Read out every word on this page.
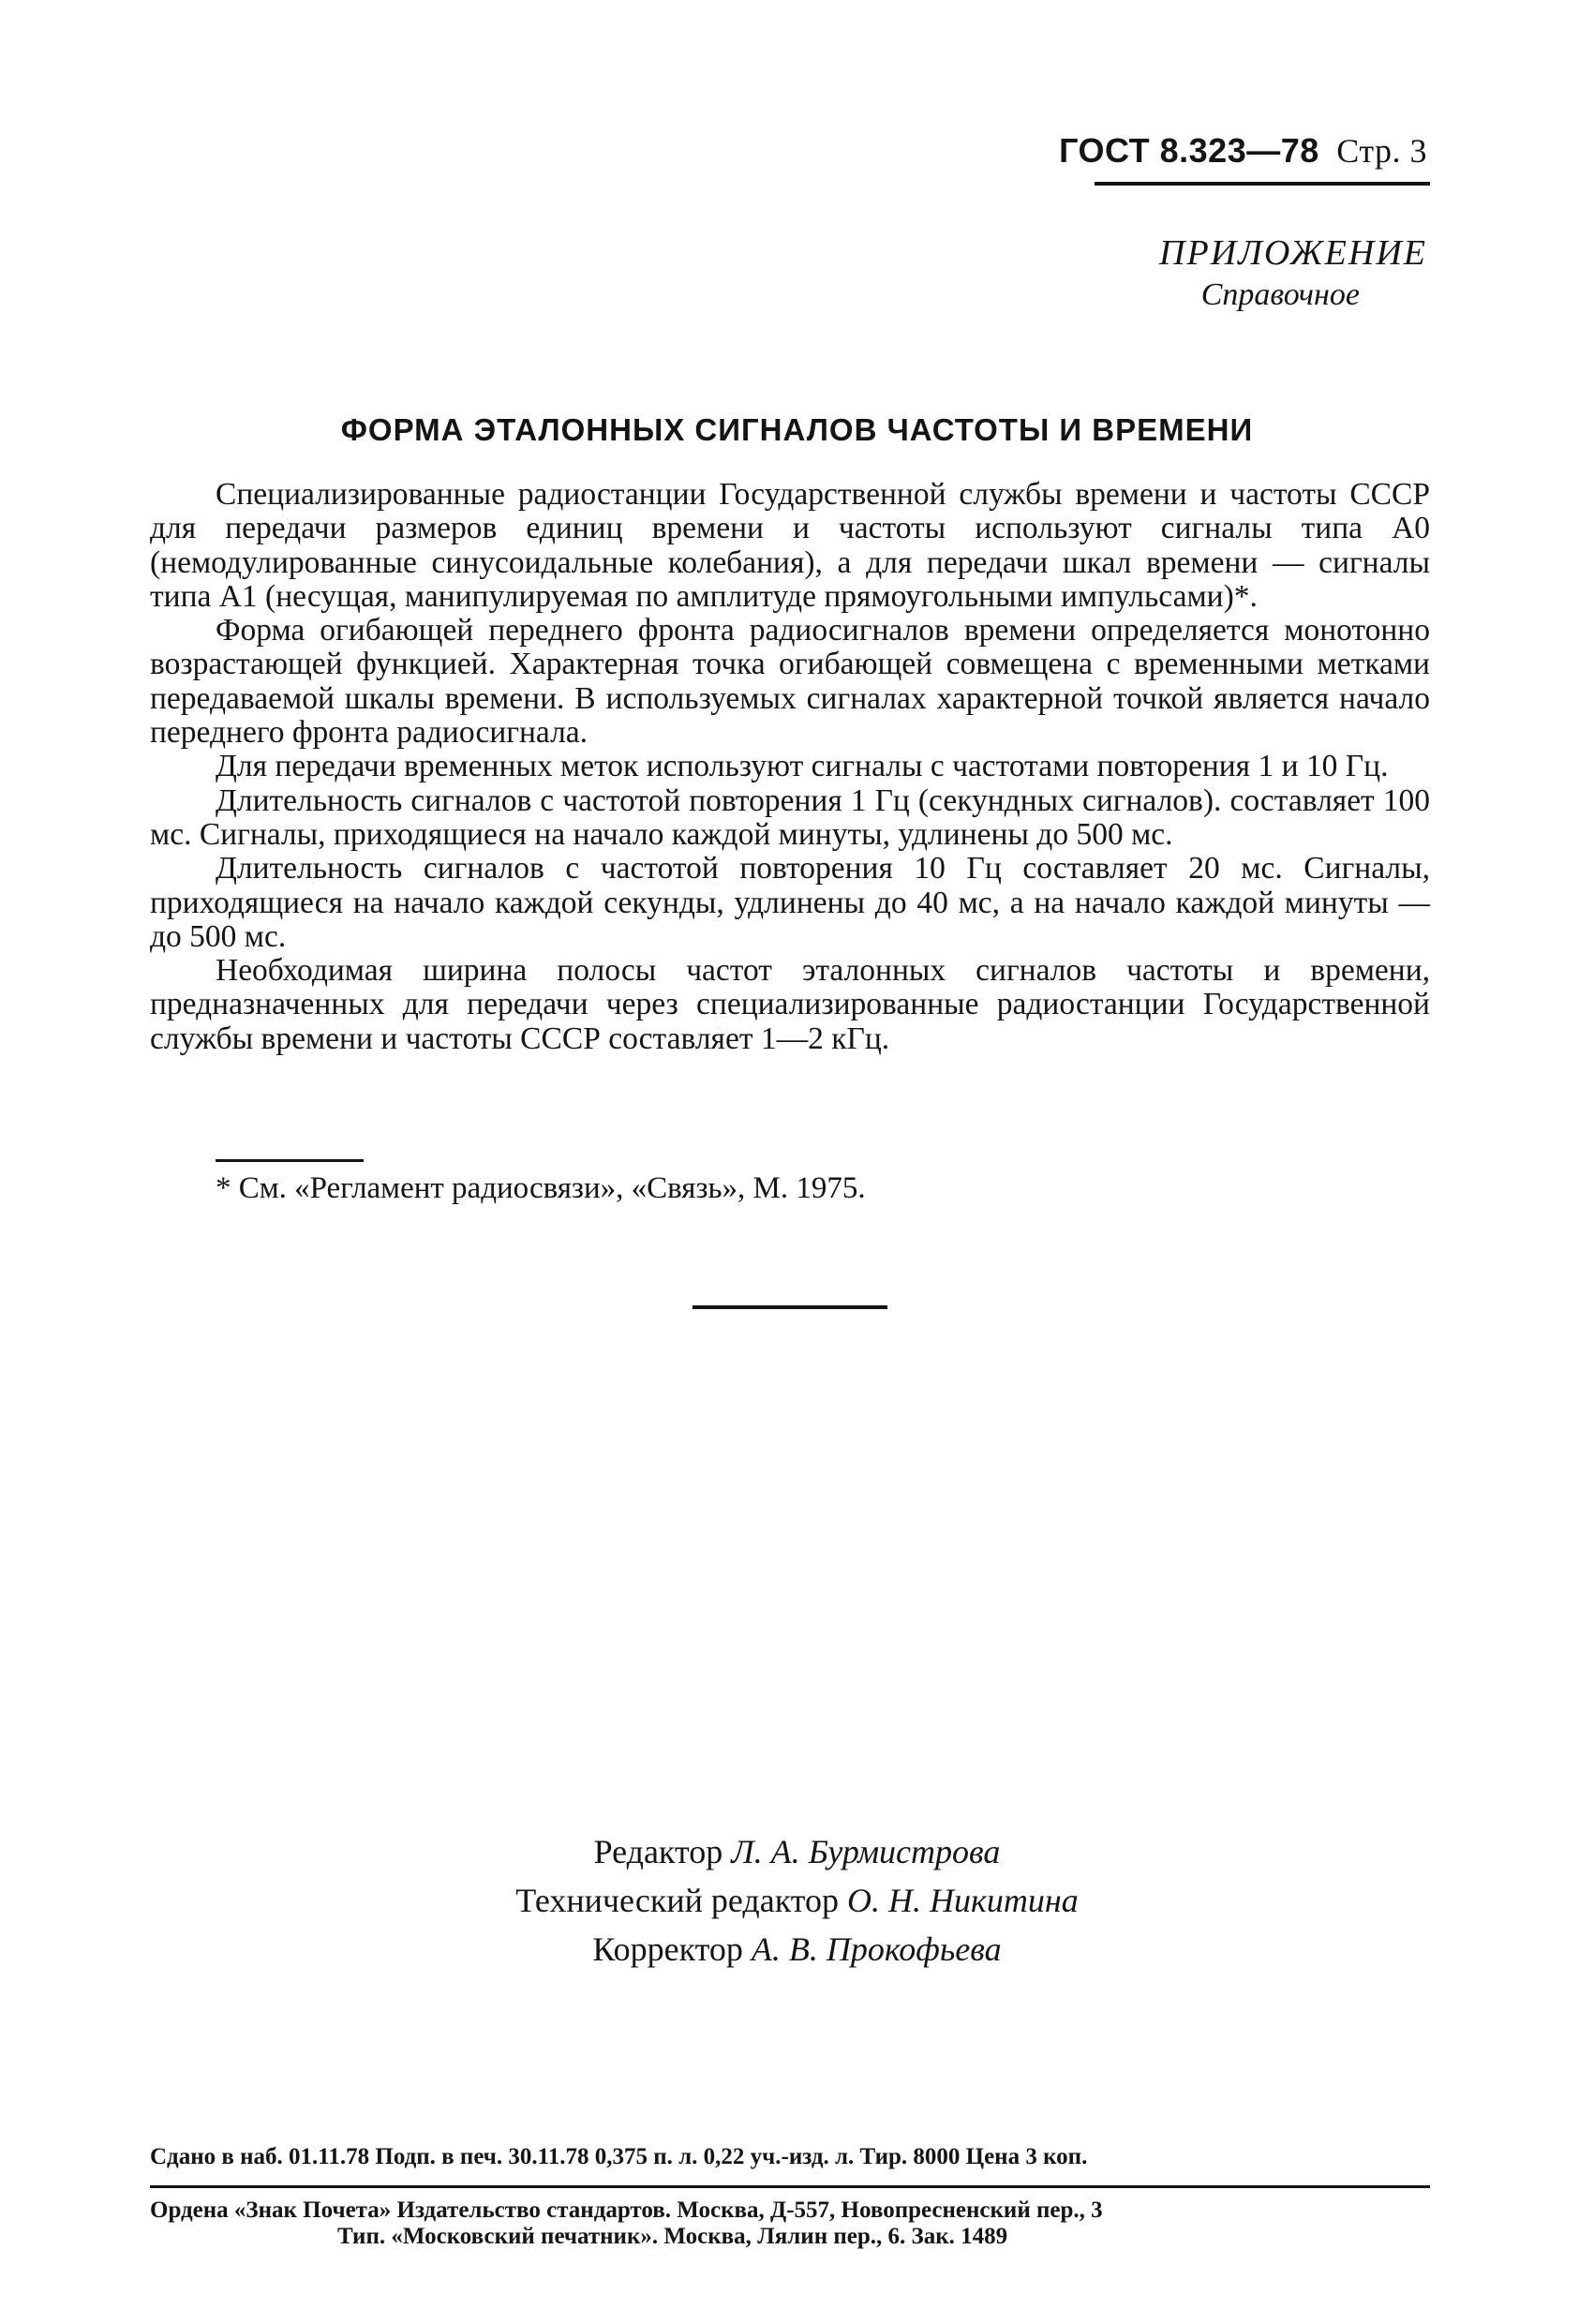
ГОСТ 8.323—78 Стр. 3
ПРИЛОЖЕНИЕ
Справочное
ФОРМА ЭТАЛОННЫХ СИГНАЛОВ ЧАСТОТЫ И ВРЕМЕНИ

Специализированные радиостанции Государственной службы времени и частоты СССР для передачи размеров единиц времени и частоты используют сигналы типа А0 (немодулированные синусоидальные колебания), а для передачи шкал времени — сигналы типа А1 (несущая, манипулируемая по амплитуде прямоугольными импульсами)*.

Форма огибающей переднего фронта радиосигналов времени определяется монотонно возрастающей функцией. Характерная точка огибающей совмещена с временными метками передаваемой шкалы времени. В используемых сигналах характерной точкой является начало переднего фронта радиосигнала.

Для передачи временных меток используют сигналы с частотами повторения 1 и 10 Гц.

Длительность сигналов с частотой повторения 1 Гц (секундных сигналов). составляет 100 мс. Сигналы, приходящиеся на начало каждой минуты, удлинены до 500 мс.

Длительность сигналов с частотой повторения 10 Гц составляет 20 мс. Сигналы, приходящиеся на начало каждой секунды, удлинены до 40 мс, а на начало каждой минуты — до 500 мс.

Необходимая ширина полосы частот эталонных сигналов частоты и времени, предназначенных для передачи через специализированные радиостанции Государственной службы времени и частоты СССР составляет 1—2 кГц.

* См. «Регламент радиосвязи», «Связь», М. 1975.
Редактор Л. А. Бурмистрова
Технический редактор О. Н. Никитина
Корректор А. В. Прокофьева
Сдано в наб. 01.11.78 Подп. в печ. 30.11.78 0,375 п. л. 0,22 уч.-изд. л. Тир. 8000 Цена 3 коп.
Ордена «Знак Почета» Издательство стандартов. Москва, Д-557, Новопресненский пер., 3
Тип. «Московский печатник». Москва, Лялин пер., 6. Зак. 1489
